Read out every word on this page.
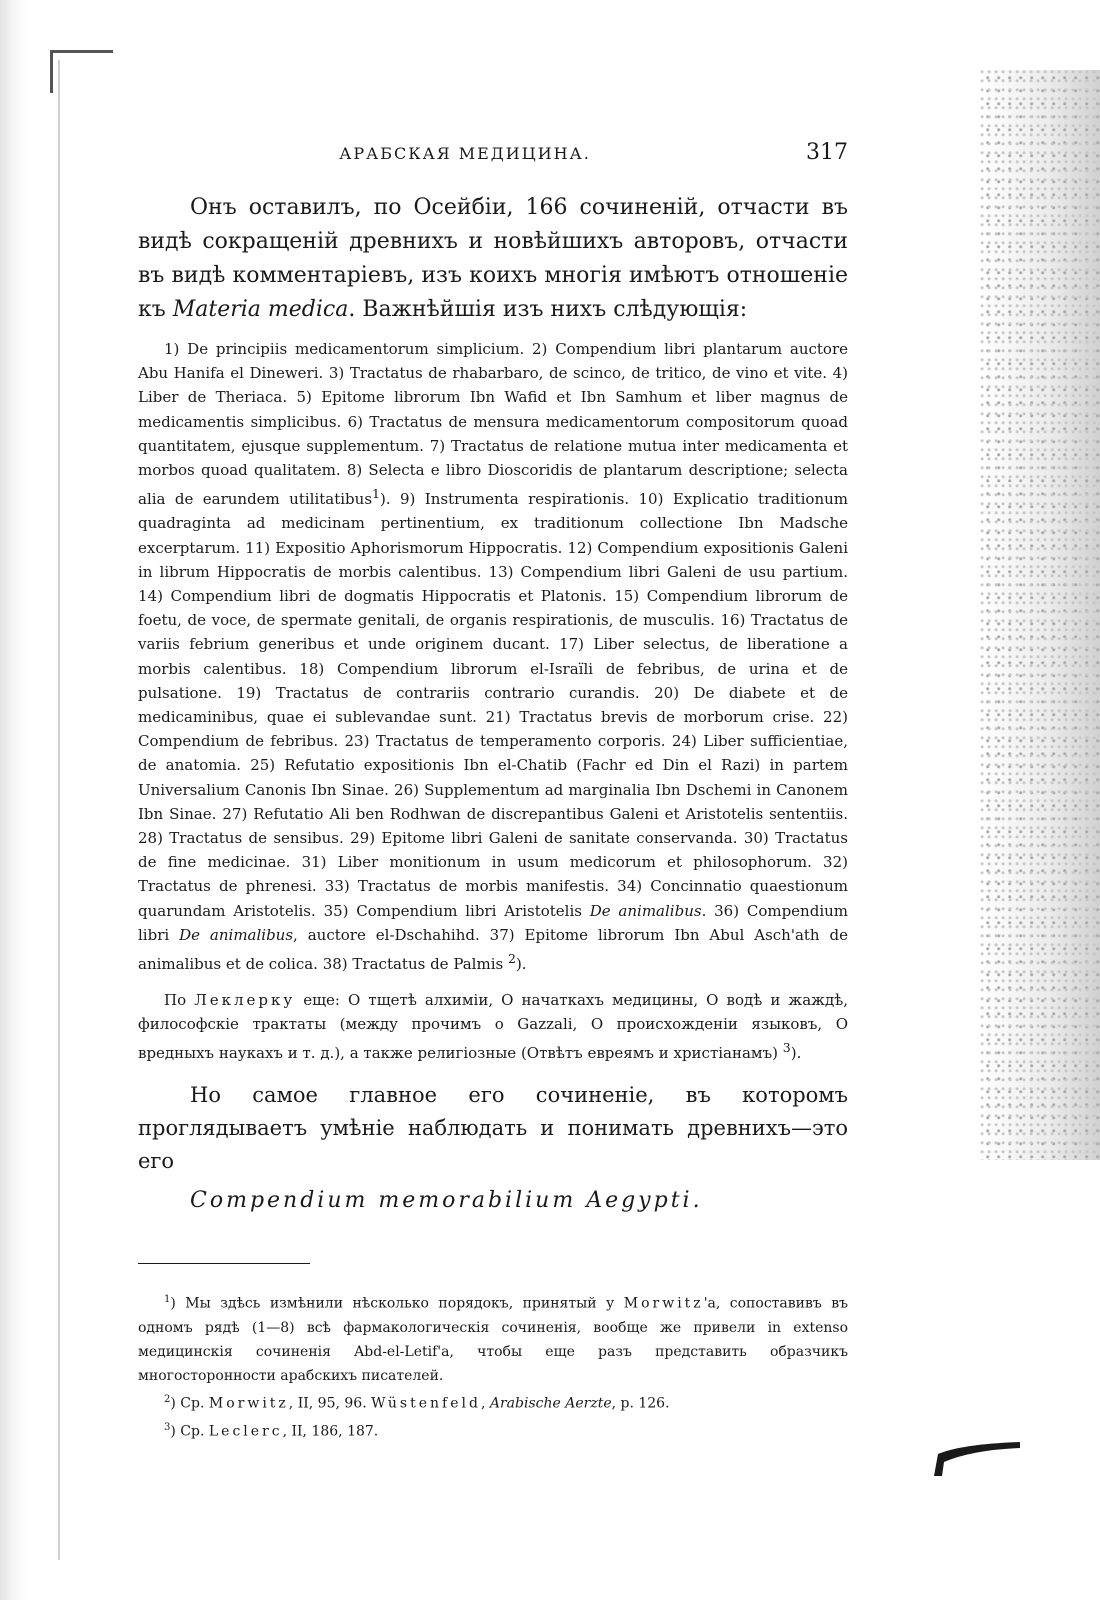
АРАБСКАЯ МЕДИЦИНА.	317

Онъ оставилъ, по Осейбіи, 166 сочиненій, отчасти въ видѣ сокращеній древнихъ и новѣйшихъ авторовъ, отчасти въ видѣ комментаріевъ, изъ коихъ многія имѣютъ отношеніе къ Materia medica. Важнѣйшія изъ нихъ слѣдующія:

1) De principiis medicamentorum simplicium. 2) Compendium libri plantarum auctore Abu Hanifa el Dineweri. 3) Tractatus de rhabarbaro, de scinco, de tritico, de vino et vite. 4) Liber de Theriaca. 5) Epitome librorum Ibn Wafid et Ibn Samhum et liber magnus de medicamentis simplicibus. 6) Tractatus de mensura medicamentorum compositorum quoad quantitatem, ejusque supplementum. 7) Tractatus de relatione mutua inter medicamenta et morbos quoad qualitatem. 8) Selecta e libro Dioscoridis de plantarum descriptione; selecta alia de earundem utilitatibus$^1$). 9) Instrumenta respirationis. 10) Explicatio traditionum quadraginta ad medicinam pertinentium, ex traditionum collectione Ibn Madsche excerptarum. 11) Expositio Aphorismorum Hippocratis. 12) Compendium expositionis Galeni in librum Hippocratis de morbis calentibus. 13) Compendium libri Galeni de usu partium. 14) Compendium libri de dogmatis Hippocratis et Platonis. 15) Compendium librorum de foetu, de voce, de spermate genitali, de organis respirationis, de musculis. 16) Tractatus de variis febrium generibus et unde originem ducant. 17) Liber selectus, de liberatione a morbis calentibus. 18) Compendium librorum el-Israïli de febribus, de urina et de pulsatione. 19) Tractatus de contrariis contrario curandis. 20) De diabete et de medicaminibus, quae ei sublevandae sunt. 21) Tractatus brevis de morborum crise. 22) Compendium de febribus. 23) Tractatus de temperamento corporis. 24) Liber sufficientiae, de anatomia. 25) Refutatio expositionis Ibn el-Chatib (Fachr ed Din el Razi) in partem Universalium Canonis Ibn Sinae. 26) Supplementum ad marginalia Ibn Dschemi in Canonem Ibn Sinae. 27) Refutatio Ali ben Rodhwan de discrepantibus Galeni et Aristotelis sententiis. 28) Tractatus de sensibus. 29) Epitome libri Galeni de sanitate conservanda. 30) Tractatus de fine medicinae. 31) Liber monitionum in usum medicorum et philosophorum. 32) Tractatus de phrenesi. 33) Tractatus de morbis manifestis. 34) Concinnatio quaestionum quarundam Aristotelis. 35) Compendium libri Aristotelis De animalibus. 36) Compendium libri De animalibus, auctore el-Dschahihd. 37) Epitome librorum Ibn Abul Asch'ath de animalibus et de colica. 38) Tractatus de Palmis $^2$).

По Леклерку еще: О тщетѣ алхиміи, О начаткахъ медицины, О водѣ и жаждѣ, философскіе трактаты (между прочимъ о Gazzali, О происхожденіи языковъ, О вредныхъ наукахъ и т. д.), а также религіозные (Отвѣтъ евреямъ и христіанамъ) $^3$).

Но самое главное его сочиненіе, въ которомъ проглядываетъ умѣніе наблюдать и понимать древнихъ—это его

Compendium memorabilium Aegypti.

$^1$) Мы здѣсь измѣнили нѣсколько порядокъ, принятый у Morwitz'a, сопоставивъ въ одномъ рядѣ (1—8) всѣ фармакологическія сочиненія, вообще же привели in extenso медицинскія сочиненія Abd-el-Letif'a, чтобы еще разъ представить образчикъ многосторонности арабскихъ писателей.

$^2$) Ср. Morwitz, II, 95, 96. Wüstenfeld, Arabische Aerzte, p. 126.

$^3$) Ср. Leclerc, II, 186, 187.
